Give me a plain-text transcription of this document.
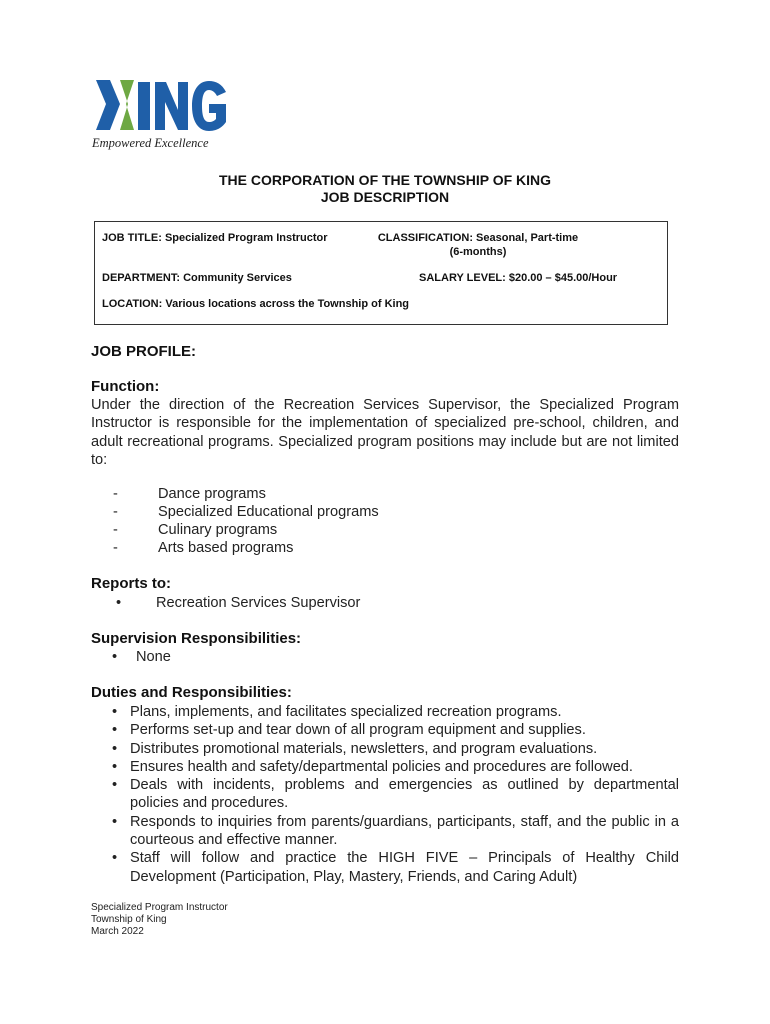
Empowered Excellence
THE CORPORATION OF THE TOWNSHIP OF KING
JOB DESCRIPTION
JOB TITLE: Specialized Program Instructor	CLASSIFICATION: Seasonal, Part-time
(6-months)
DEPARTMENT: Community Services	SALARY LEVEL: $20.00 – $45.00/Hour
LOCATION: Various locations across the Township of King
JOB PROFILE:
Function:
Under the direction of the Recreation Services Supervisor, the Specialized Program Instructor is responsible for the implementation of specialized pre-school, children, and adult recreational programs. Specialized program positions may include but are not limited to:
-	Dance programs
-	Specialized Educational programs
-	Culinary programs
-	Arts based programs
Reports to:
• Recreation Services Supervisor
Supervision Responsibilities:
• None
Duties and Responsibilities:
• Plans, implements, and facilitates specialized recreation programs.
• Performs set-up and tear down of all program equipment and supplies.
• Distributes promotional materials, newsletters, and program evaluations.
• Ensures health and safety/departmental policies and procedures are followed.
• Deals with incidents, problems and emergencies as outlined by departmental policies and procedures.
• Responds to inquiries from parents/guardians, participants, staff, and the public in a courteous and effective manner.
• Staff will follow and practice the HIGH FIVE – Principals of Healthy Child Development (Participation, Play, Mastery, Friends, and Caring Adult)
Specialized Program Instructor
Township of King
March 2022
